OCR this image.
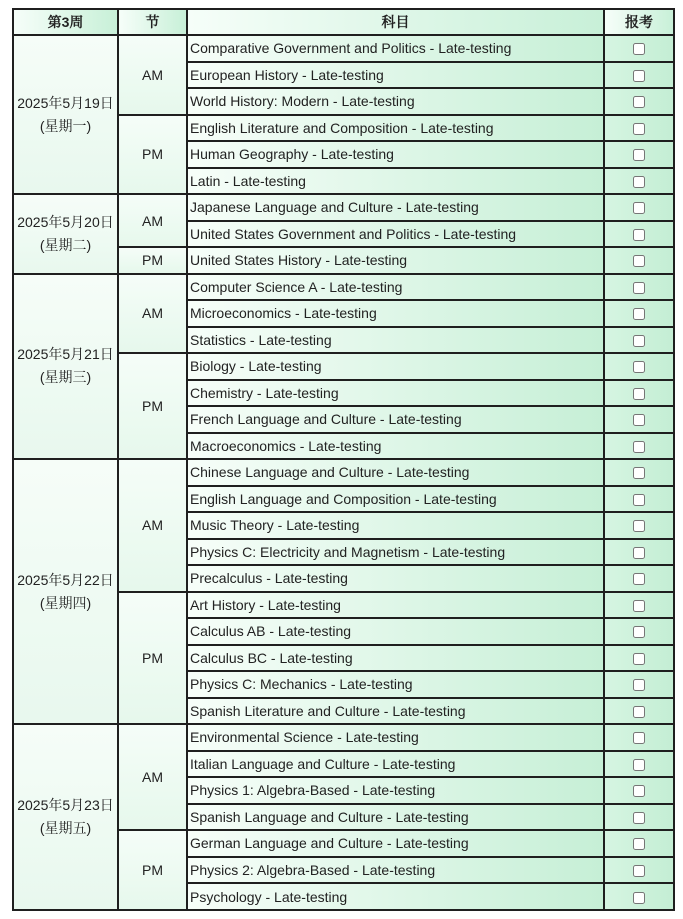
第3周	节	科目	报考
2025年5月19日 (星期一)	AM	Comparative Government and Politics - Late-testing	
		European History - Late-testing	
		World History: Modern - Late-testing	
	PM	English Literature and Composition - Late-testing	
		Human Geography - Late-testing	
		Latin - Late-testing	
2025年5月20日 (星期二)	AM	Japanese Language and Culture - Late-testing	
		United States Government and Politics - Late-testing	
	PM	United States History - Late-testing	
2025年5月21日 (星期三)	AM	Computer Science A - Late-testing	
		Microeconomics - Late-testing	
		Statistics - Late-testing	
	PM	Biology - Late-testing	
		Chemistry - Late-testing	
		French Language and Culture - Late-testing	
		Macroeconomics - Late-testing	
2025年5月22日 (星期四)	AM	Chinese Language and Culture - Late-testing	
		English Language and Composition - Late-testing	
		Music Theory - Late-testing	
		Physics C: Electricity and Magnetism - Late-testing	
		Precalculus - Late-testing	
	PM	Art History - Late-testing	
		Calculus AB - Late-testing	
		Calculus BC - Late-testing	
		Physics C: Mechanics - Late-testing	
		Spanish Literature and Culture - Late-testing	
2025年5月23日 (星期五)	AM	Environmental Science - Late-testing	
		Italian Language and Culture - Late-testing	
		Physics 1: Algebra-Based - Late-testing	
		Spanish Language and Culture - Late-testing	
	PM	German Language and Culture - Late-testing	
		Physics 2: Algebra-Based - Late-testing	
		Psychology - Late-testing	
